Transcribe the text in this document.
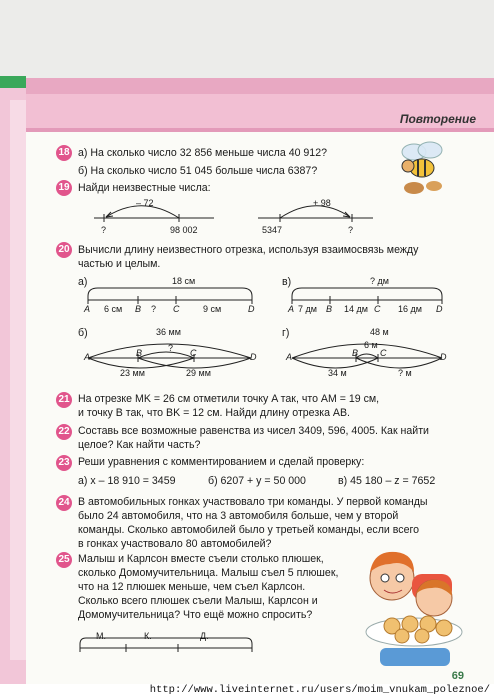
Повторение
18 а) На сколько число 32 856 меньше числа 40 912?
б) На сколько число 51 045 больше числа 6387?
19 Найди неизвестные числа:
– 72
?	98 002
+ 98
5347	?
20 Вычисли длину неизвестного отрезка, используя взаимосвязь между
частью и целым.
а)	18 см
A 6 см B ? C	9 см	D
в)	? дм
A 7 дм B 14 дм C 16 дм D
б)	36 мм
?
A	B	C	D
23 мм	29 мм
г)	48 м
6 м
A	B C	D
34 м	? м
21 На отрезке MK = 26 см отметили точку A так, что AM = 19 см,
и точку B так, что BK = 12 см. Найди длину отрезка AB.
22 Составь все возможные равенства из чисел 3409, 596, 4005. Как найти
целое? Как найти часть?
23 Реши уравнения с комментированием и сделай проверку:
а) x – 18 910 = 3459	б) 6207 + y = 50 000	в) 45 180 – z = 7652
24 В автомобильных гонках участвовало три команды. У первой команды
было 24 автомобиля, что на 3 автомобиля больше, чем у второй
команды. Сколько автомобилей было у третьей команды, если всего
в гонках участвовало 80 автомобилей?
25 Малыш и Карлсон вместе съели столько плюшек,
сколько Домомучительница. Малыш съел 5 плюшек,
что на 12 плюшек меньше, чем съел Карлсон.
Сколько всего плюшек съели Малыш, Карлсон и
Домомучительница? Что ещё можно спросить?
М.	К.	Д.
69
http://www.liveinternet.ru/users/moim_vnukam_poleznoe/
